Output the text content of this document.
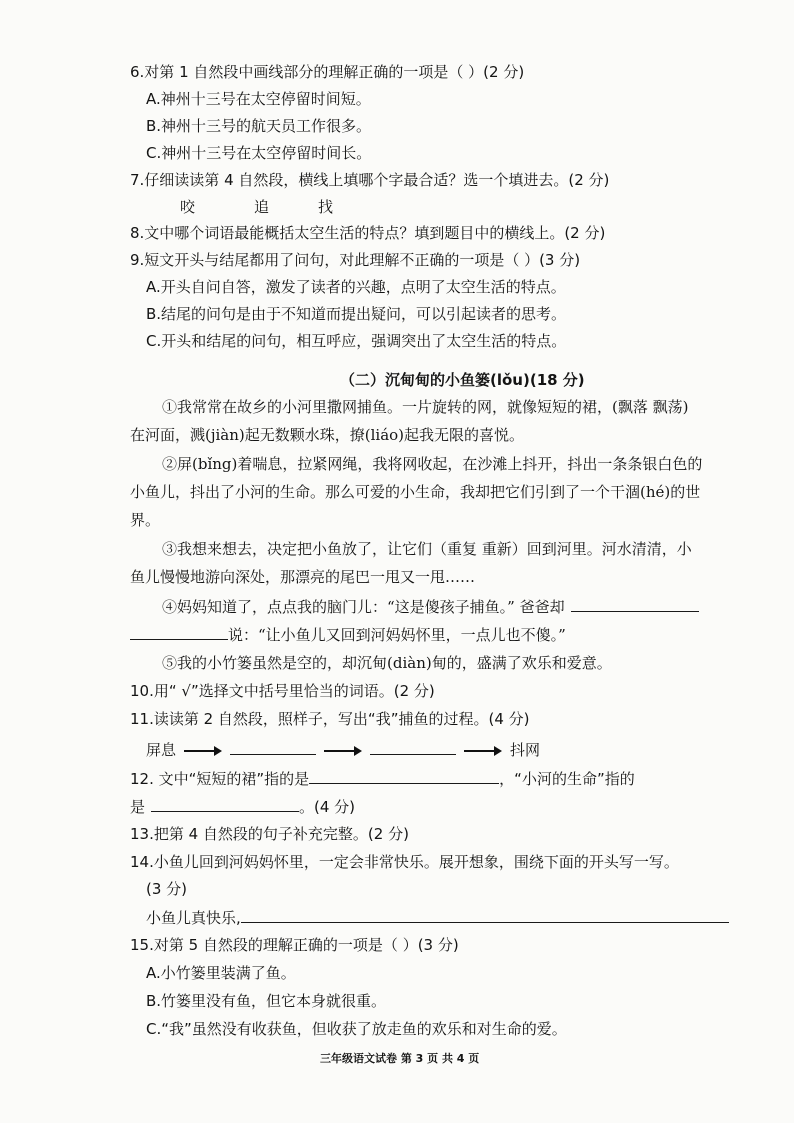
6.对第 1 自然段中画线部分的理解正确的一项是（ ）(2 分)
A.神州十三号在太空停留时间短。
B.神州十三号的航天员工作很多。
C.神州十三号在太空停留时间长。
7.仔细读读第 4 自然段，横线上填哪个字最合适？选一个填进去。(2 分)
咬	追	找
8.文中哪个词语最能概括太空生活的特点？填到题目中的横线上。(2 分)
9.短文开头与结尾都用了问句，对此理解不正确的一项是（ ）(3 分)
A.开头自问自答，激发了读者的兴趣，点明了太空生活的特点。
B.结尾的问句是由于不知道而提出疑问，可以引起读者的思考。
C.开头和结尾的问句，相互呼应，强调突出了太空生活的特点。
（二）沉甸甸的小鱼篓(lǒu)(18 分)
①我常常在故乡的小河里撒网捕鱼。一片旋转的网，就像短短的裙，(飘落 飘荡)
在河面，溅(jiàn)起无数颗水珠，撩(liáo)起我无限的喜悦。
②屏(bǐng)着喘息，拉紧网绳，我将网收起，在沙滩上抖开，抖出一条条银白色的
小鱼儿，抖出了小河的生命。那么可爱的小生命，我却把它们引到了一个干涸(hé)的世
界。
③我想来想去，决定把小鱼放了，让它们（重复 重新）回到河里。河水清清，小
鱼儿慢慢地游向深处，那漂亮的尾巴一甩又一甩……
④妈妈知道了，点点我的脑门儿：“这是傻孩子捕鱼。” 爸爸却
说：“让小鱼儿又回到河妈妈怀里，一点儿也不傻。”
⑤我的小竹篓虽然是空的，却沉甸(diàn)甸的，盛满了欢乐和爱意。
10.用“ √”选择文中括号里恰当的词语。(2 分)
11.读读第 2 自然段，照样子，写出“我”捕鱼的过程。(4 分)
屏息	抖网
12. 文中“短短的裙”指的是	，“小河的生命”指的
是	。(4 分)
13.把第 4 自然段的句子补充完整。(2 分)
14.小鱼儿回到河妈妈怀里，一定会非常快乐。展开想象，围绕下面的开头写一写。
(3 分)
小鱼儿真快乐,
15.对第 5 自然段的理解正确的一项是（ ）(3 分)
A.小竹篓里装满了鱼。
B.竹篓里没有鱼，但它本身就很重。
C.“我”虽然没有收获鱼，但收获了放走鱼的欢乐和对生命的爱。
三年级语文试卷 第 3 页 共 4 页
